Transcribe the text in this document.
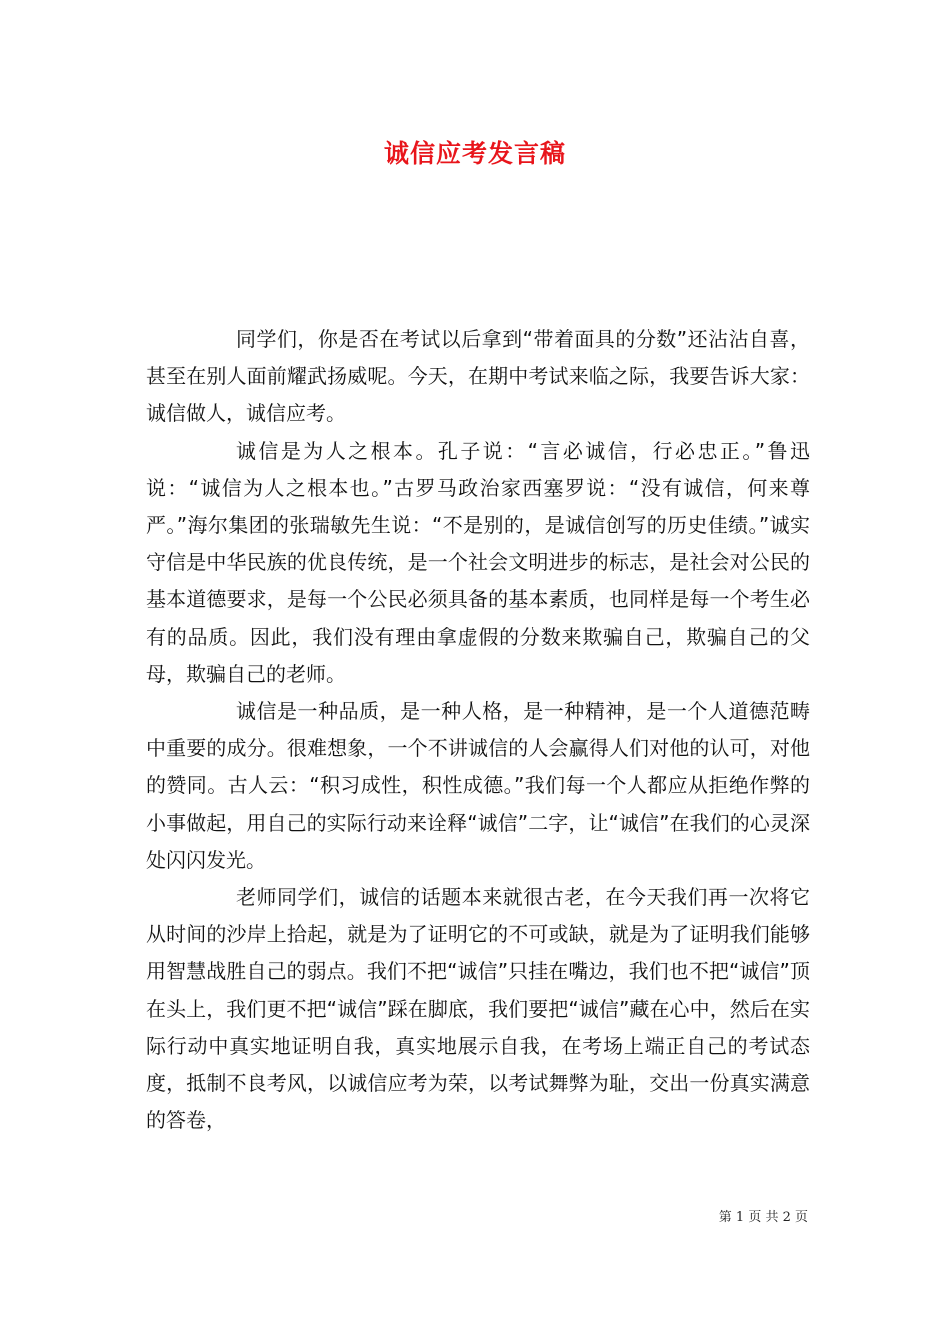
诚信应考发言稿

同学们，你是否在考试以后拿到“带着面具的分数”还沾沾自喜，甚至在别人面前耀武扬威呢。今天，在期中考试来临之际，我要告诉大家：诚信做人，诚信应考。

诚信是为人之根本。孔子说：“言必诚信，行必忠正。”鲁迅说：“诚信为人之根本也。”古罗马政治家西塞罗说：“没有诚信，何来尊严。”海尔集团的张瑞敏先生说：“不是别的，是诚信创写的历史佳绩。”诚实守信是中华民族的优良传统，是一个社会文明进步的标志，是社会对公民的基本道德要求，是每一个公民必须具备的基本素质，也同样是每一个考生必有的品质。因此，我们没有理由拿虚假的分数来欺骗自己，欺骗自己的父母，欺骗自己的老师。

诚信是一种品质，是一种人格，是一种精神，是一个人道德范畴中重要的成分。很难想象，一个不讲诚信的人会赢得人们对他的认可，对他的赞同。古人云：“积习成性，积性成德。”我们每一个人都应从拒绝作弊的小事做起，用自己的实际行动来诠释“诚信”二字，让“诚信”在我们的心灵深处闪闪发光。

老师同学们，诚信的话题本来就很古老，在今天我们再一次将它从时间的沙岸上拾起，就是为了证明它的不可或缺，就是为了证明我们能够用智慧战胜自己的弱点。我们不把“诚信”只挂在嘴边，我们也不把“诚信”顶在头上，我们更不把“诚信”踩在脚底，我们要把“诚信”藏在心中，然后在实际行动中真实地证明自我，真实地展示自我，在考场上端正自己的考试态度，抵制不良考风，以诚信应考为荣，以考试舞弊为耻，交出一份真实满意的答卷，

第 1 页 共 2 页
